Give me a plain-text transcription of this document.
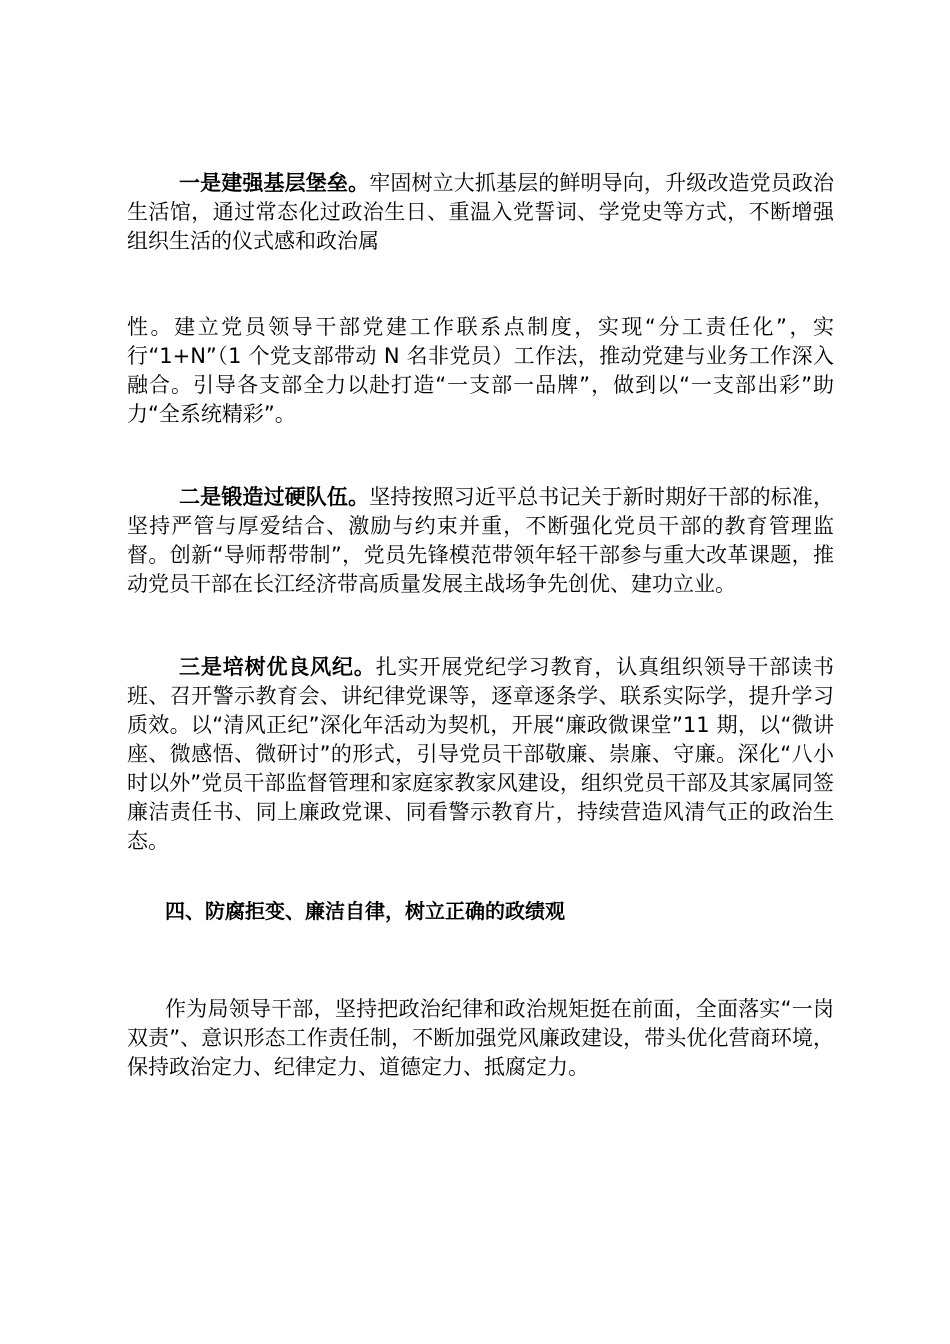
一是建强基层堡垒。牢固树立大抓基层的鲜明导向，升级改造党员政治生活馆，通过常态化过政治生日、重温入党誓词、学党史等方式，不断增强组织生活的仪式感和政治属

性。建立党员领导干部党建工作联系点制度，实现“分工责任化”，实行“1+N”（1 个党支部带动 N 名非党员）工作法，推动党建与业务工作深入融合。引导各支部全力以赴打造“一支部一品牌”，做到以“一支部出彩”助力“全系统精彩”。

二是锻造过硬队伍。坚持按照习近平总书记关于新时期好干部的标准，坚持严管与厚爱结合、激励与约束并重，不断强化党员干部的教育管理监督。创新“导师帮带制”，党员先锋模范带领年轻干部参与重大改革课题，推动党员干部在长江经济带高质量发展主战场争先创优、建功立业。

三是培树优良风纪。扎实开展党纪学习教育，认真组织领导干部读书班、召开警示教育会、讲纪律党课等，逐章逐条学、联系实际学，提升学习质效。以“清风正纪”深化年活动为契机，开展“廉政微课堂”11 期，以“微讲座、微感悟、微研讨”的形式，引导党员干部敬廉、崇廉、守廉。深化“八小时以外”党员干部监督管理和家庭家教家风建设，组织党员干部及其家属同签廉洁责任书、同上廉政党课、同看警示教育片，持续营造风清气正的政治生态。

四、防腐拒变、廉洁自律，树立正确的政绩观

作为局领导干部，坚持把政治纪律和政治规矩挺在前面，全面落实“一岗双责”、意识形态工作责任制，不断加强党风廉政建设，带头优化营商环境，保持政治定力、纪律定力、道德定力、抵腐定力。
